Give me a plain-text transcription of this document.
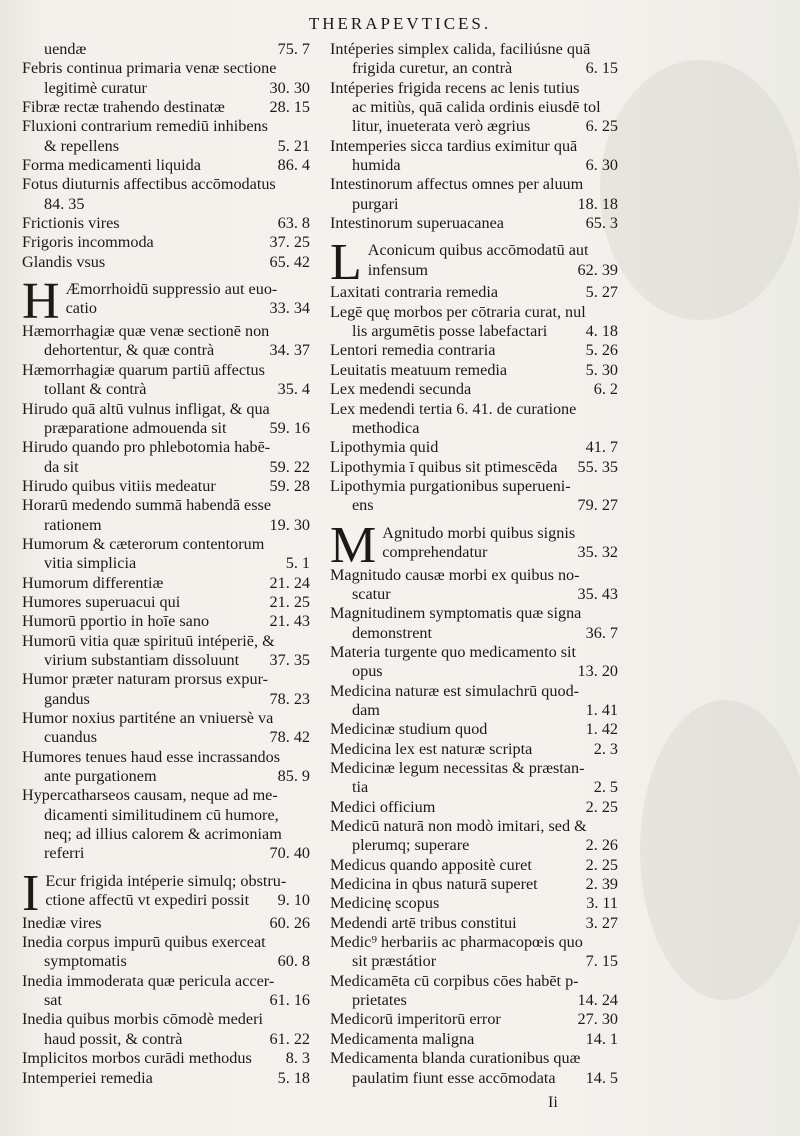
THERAPEVTICES.
uendæ	75. 7
Febris continua primaria venæ sectione
legitimè curatur	30. 30
Fibræ rectæ trahendo destinatæ	28. 15
Fluxioni contrarium remediū inhibens
& repellens	5. 21
Forma medicamenti liquida	86. 4
Fotus diuturnis affectibus accōmodatus
84. 35
Frictionis vires	63. 8
Frigoris incommoda	37. 25
Glandis vsus	65. 42
H Æmorrhoidū suppressio aut euo-
catio	33. 34
Hæmorrhagiæ quæ venæ sectionē non
dehortentur, & quæ contrà	34. 37
Hæmorrhagiæ quarum partiū affectus
tollant & contrà	35. 4
Hirudo quā altū vulnus infligat, & qua
præparatione admouenda sit	59. 16
Hirudo quando pro phlebotomia habē-
da sit	59. 22
Hirudo quibus vitiis medeatur	59. 28
Horarū medendo summā habendā esse
rationem	19. 30
Humorum & cæterorum contentorum
vitia simplicia	5. 1
Humorum differentiæ	21. 24
Humores superuacui qui	21. 25
Humorū pportio in hoīe sano	21. 43
Humorū vitia quæ spirituū intéperiē, &
virium substantiam dissoluunt 37. 35
Humor præter naturam prorsus expur-
gandus	78. 23
Humor noxius partiténe an vniuersè va
cuandus	78. 42
Humores tenues haud esse incrassandos
ante purgationem	85. 9
Hypercatharseos causam, neque ad me-
dicamenti similitudinem cū humore,
neq; ad illius calorem & acrimoniam
referri	70. 40
I Ecur frigida intéperie simulq; obstru-
ctione affectū vt expediri possit 9. 10
Inediæ vires	60. 26
Inedia corpus impurū quibus exerceat
symptomatis	60. 8
Inedia immoderata quæ pericula accer-
sat	61. 16
Inedia quibus morbis cōmodè mederi
haud possit, & contrà	61. 22
Implicitos morbos curādi methodus 8. 3
Intemperiei remedia	5. 18
Intéperies simplex calida, faciliúsne quā
frigida curetur, an contrà	6. 15
Intéperies frigida recens ac lenis tutius
ac mitiùs, quā calida ordinis eiusdē tol
litur, inueterata verò ægrius	6. 25
Intemperies sicca tardius eximitur quā
humida	6. 30
Intestinorum affectus omnes per aluum
purgari	18. 18
Intestinorum superuacanea	65. 3
L Aconicum quibus accōmodatū aut
infensum	62. 39
Laxitati contraria remedia	5. 27
Legē quę morbos per cōtraria curat, nul
lis argumētis posse labefactari 4. 18
Lentori remedia contraria	5. 26
Leuitatis meatuum remedia	5. 30
Lex medendi secunda	6. 2
Lex medendi tertia 6. 41. de curatione
methodica
Lipothymia quid	41. 7
Lipothymia ī quibus sit ptimescēda 55. 35
Lipothymia purgationibus superueni-
ens	79. 27
M Agnitudo morbi quibus signis
comprehendatur	35. 32
Magnitudo causæ morbi ex quibus no-
scatur	35. 43
Magnitudinem symptomatis quæ signa
demonstrent	36. 7
Materia turgente quo medicamento sit
opus	13. 20
Medicina naturæ est simulachrū quod-
dam	1. 41
Medicinæ studium quod	1. 42
Medicina lex est naturæ scripta	2. 3
Medicinæ legum necessitas & præstan-
tia	2. 5
Medici officium	2. 25
Medicū naturā non modò imitari, sed &
plerumq; superare	2. 26
Medicus quando appositè curet	2. 25
Medicina in qbus naturā superet	2. 39
Medicinę scopus	3. 11
Medendi artē tribus constitui	3. 27
Medic⁹ herbariis ac pharmacopœis quo
sit præstátior	7. 15
Medicamēta cū corpibus cōes habēt p-
prietates	14. 24
Medicorū imperitorū error	27. 30
Medicamenta maligna	14. 1
Medicamenta blanda curationibus quæ
paulatim fiunt esse accōmodata 14. 5
Ii
